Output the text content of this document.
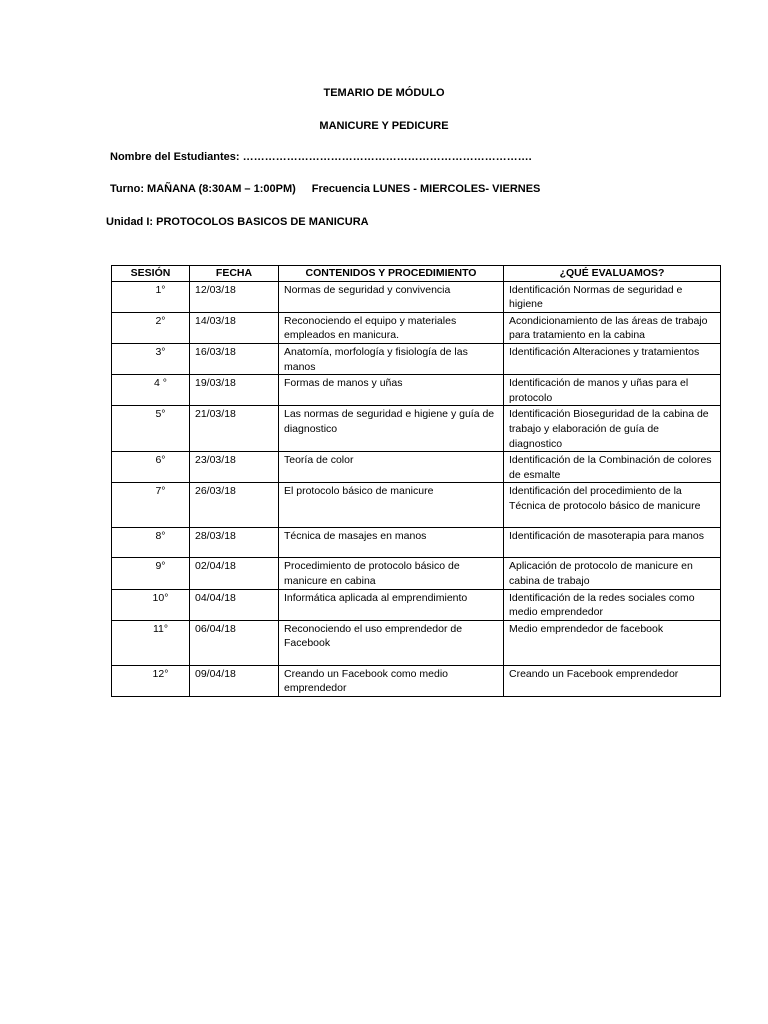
TEMARIO DE MÓDULO
MANICURE Y PEDICURE
Nombre del Estudiantes: …………………………………………………………………….
Turno: MAÑANA (8:30AM – 1:00PM) Frecuencia LUNES - MIERCOLES- VIERNES
Unidad I: PROTOCOLOS BASICOS DE MANICURA
SESIÓN	FECHA	CONTENIDOS Y PROCEDIMIENTO	¿QUÉ EVALUAMOS?
1°	12/03/18	Normas de seguridad y convivencia	Identificación Normas de seguridad e higiene
2°	14/03/18	Reconociendo el equipo y materiales empleados en manicura.	Acondicionamiento de las áreas de trabajo para tratamiento en la cabina
3°	16/03/18	Anatomía, morfología y fisiología de las manos	Identificación Alteraciones y tratamientos
4 °	19/03/18	Formas de manos y uñas	Identificación de manos y uñas para el protocolo
5°	21/03/18	Las normas de seguridad e higiene y guía de diagnostico	Identificación Bioseguridad de la cabina de trabajo y elaboración de guía de diagnostico
6°	23/03/18	Teoría de color	Identificación de la Combinación de colores de esmalte
7°	26/03/18	El protocolo básico de manicure	Identificación del procedimiento de la Técnica de protocolo básico de manicure
8°	28/03/18	Técnica de masajes en manos	Identificación de masoterapia para manos
9°	02/04/18	Procedimiento de protocolo básico de manicure en cabina	Aplicación de protocolo de manicure en cabina de trabajo
10°	04/04/18	Informática aplicada al emprendimiento	Identificación de la redes sociales como medio emprendedor
11°	06/04/18	Reconociendo el uso emprendedor de Facebook	Medio emprendedor de facebook
12°	09/04/18	Creando un Facebook como medio emprendedor	Creando un Facebook emprendedor
